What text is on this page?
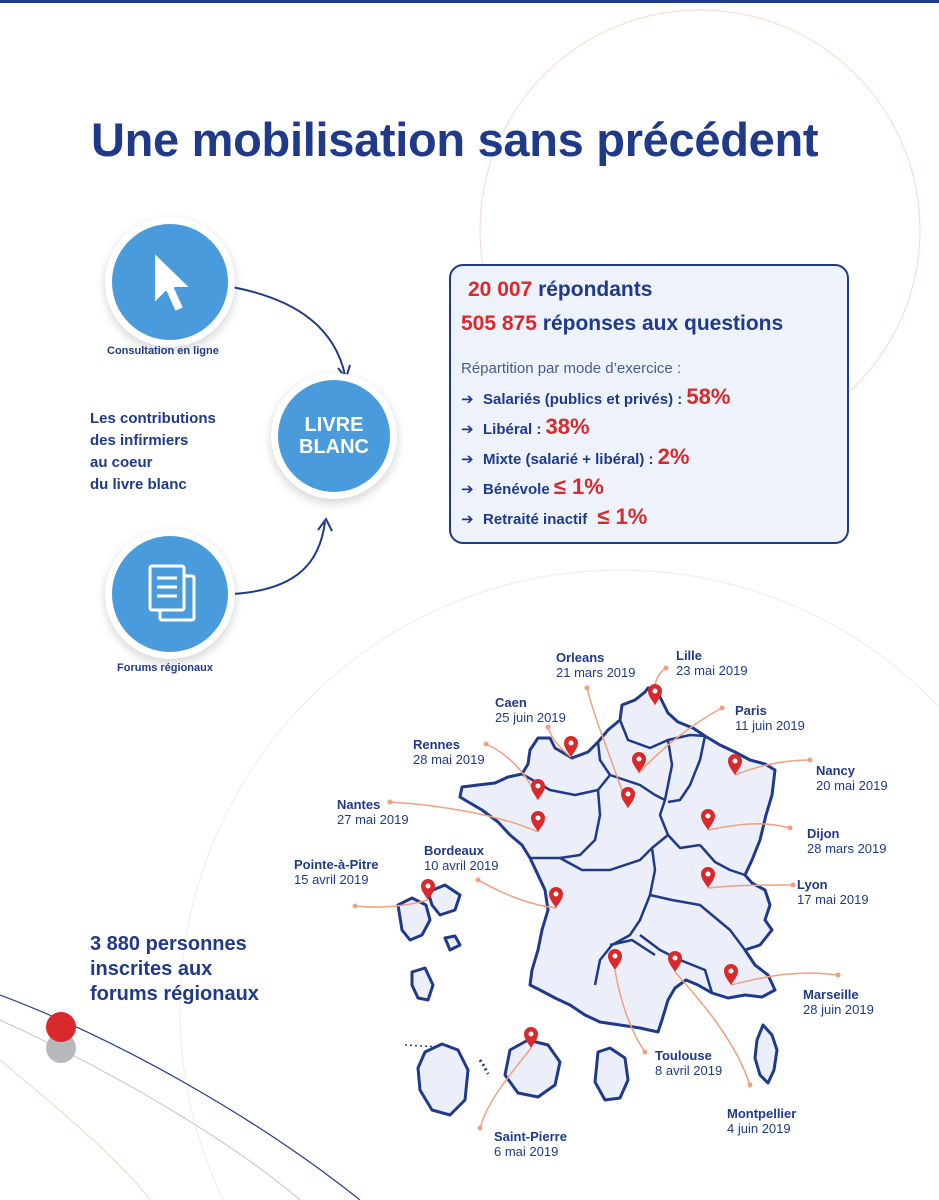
Une mobilisation sans précédent
Consultation en ligne
LIVRE
BLANC
Les contributions
des infirmiers
au coeur
du livre blanc
Forums régionaux
20 007 répondants
505 875 réponses aux questions
Répartition par mode d’exercice :
➔ Salariés (publics et privés) : 58%
➔ Libéral : 38%
➔ Mixte (salarié + libéral) : 2%
➔ Bénévole ≤ 1%
➔ Retraité inactif ≤ 1%
3 880 personnes
inscrites aux
forums régionaux
Orleans
21 mars 2019
Lille
23 mai 2019
Caen
25 juin 2019	Paris
11 juin 2019
Rennes
28 mai 2019
Nancy
20 mai 2019
Nantes
27 mai 2019
Dijon
28 mars 2019
Bordeaux
10 avril 2019
Pointe-à-Pitre
15 avril 2019	Lyon
17 mai 2019
Marseille
28 juin 2019
Toulouse
8 avril 2019
Montpellier
4 juin 2019
Saint-Pierre
6 mai 2019
